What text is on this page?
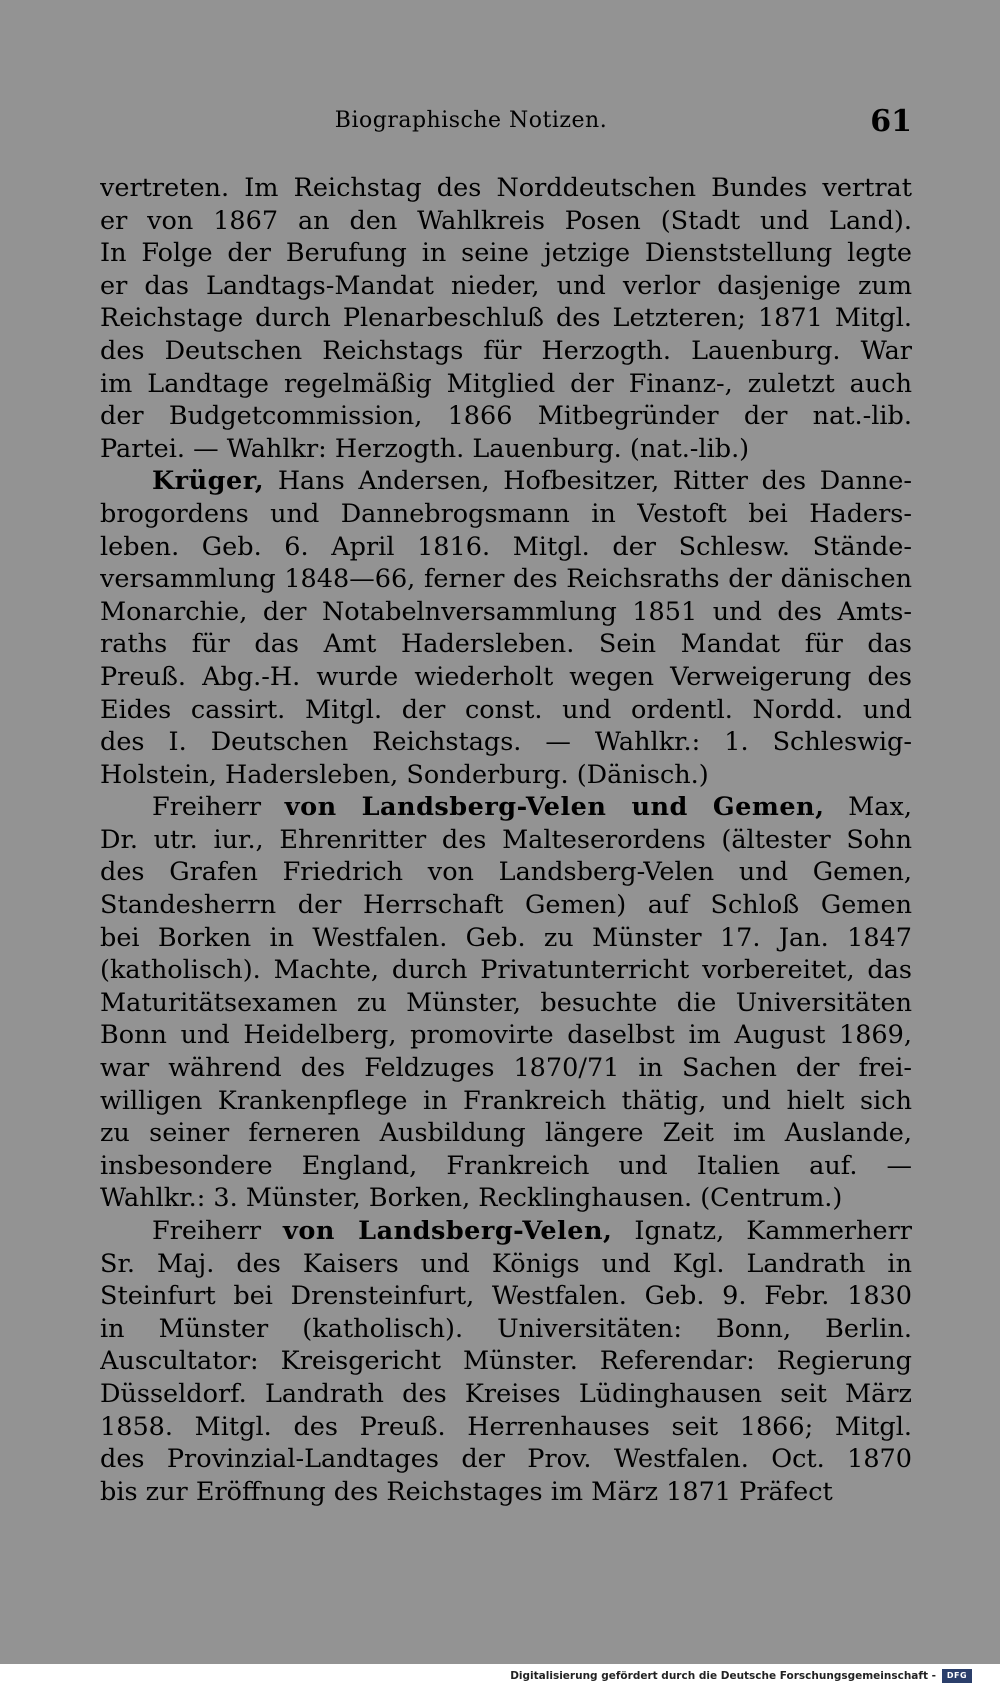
Biographische Notizen.	61
vertreten. Im Reichstag des Norddeutschen Bundes vertrat
er von 1867 an den Wahlkreis Posen (Stadt und Land).
In Folge der Berufung in seine jetzige Dienststellung legte
er das Landtags-Mandat nieder, und verlor dasjenige zum
Reichstage durch Plenarbeschluß des Letzteren; 1871 Mitgl.
des Deutschen Reichstags für Herzogth. Lauenburg. War
im Landtage regelmäßig Mitglied der Finanz-, zuletzt auch
der Budgetcommission, 1866 Mitbegründer der nat.-lib.
Partei. — Wahlkr: Herzogth. Lauenburg. (nat.-lib.)
Krüger, Hans Andersen, Hofbesitzer, Ritter des Danne-
brogordens und Dannebrogsmann in Vestoft bei Haders-
leben. Geb. 6. April 1816. Mitgl. der Schlesw. Stände-
versammlung 1848—66, ferner des Reichsraths der dänischen
Monarchie, der Notabelnversammlung 1851 und des Amts-
raths für das Amt Hadersleben. Sein Mandat für das
Preuß. Abg.-H. wurde wiederholt wegen Verweigerung des
Eides cassirt. Mitgl. der const. und ordentl. Nordd. und
des I. Deutschen Reichstags. — Wahlkr.: 1. Schleswig-
Holstein, Hadersleben, Sonderburg. (Dänisch.)
Freiherr von Landsberg-Velen und Gemen, Max,
Dr. utr. iur., Ehrenritter des Malteserordens (ältester Sohn
des Grafen Friedrich von Landsberg-Velen und Gemen,
Standesherrn der Herrschaft Gemen) auf Schloß Gemen
bei Borken in Westfalen. Geb. zu Münster 17. Jan. 1847
(katholisch). Machte, durch Privatunterricht vorbereitet, das
Maturitätsexamen zu Münster, besuchte die Universitäten
Bonn und Heidelberg, promovirte daselbst im August 1869,
war während des Feldzuges 1870/71 in Sachen der frei-
willigen Krankenpflege in Frankreich thätig, und hielt sich
zu seiner ferneren Ausbildung längere Zeit im Auslande,
insbesondere England, Frankreich und Italien auf. —
Wahlkr.: 3. Münster, Borken, Recklinghausen. (Centrum.)
Freiherr von Landsberg-Velen, Ignatz, Kammerherr
Sr. Maj. des Kaisers und Königs und Kgl. Landrath in
Steinfurt bei Drensteinfurt, Westfalen. Geb. 9. Febr. 1830
in Münster (katholisch). Universitäten: Bonn, Berlin.
Auscultator: Kreisgericht Münster. Referendar: Regierung
Düsseldorf. Landrath des Kreises Lüdinghausen seit März
1858. Mitgl. des Preuß. Herrenhauses seit 1866; Mitgl.
des Provinzial-Landtages der Prov. Westfalen. Oct. 1870
bis zur Eröffnung des Reichstages im März 1871 Präfect
Digitalisierung gefördert durch die Deutsche Forschungsgemeinschaft -	DFG
